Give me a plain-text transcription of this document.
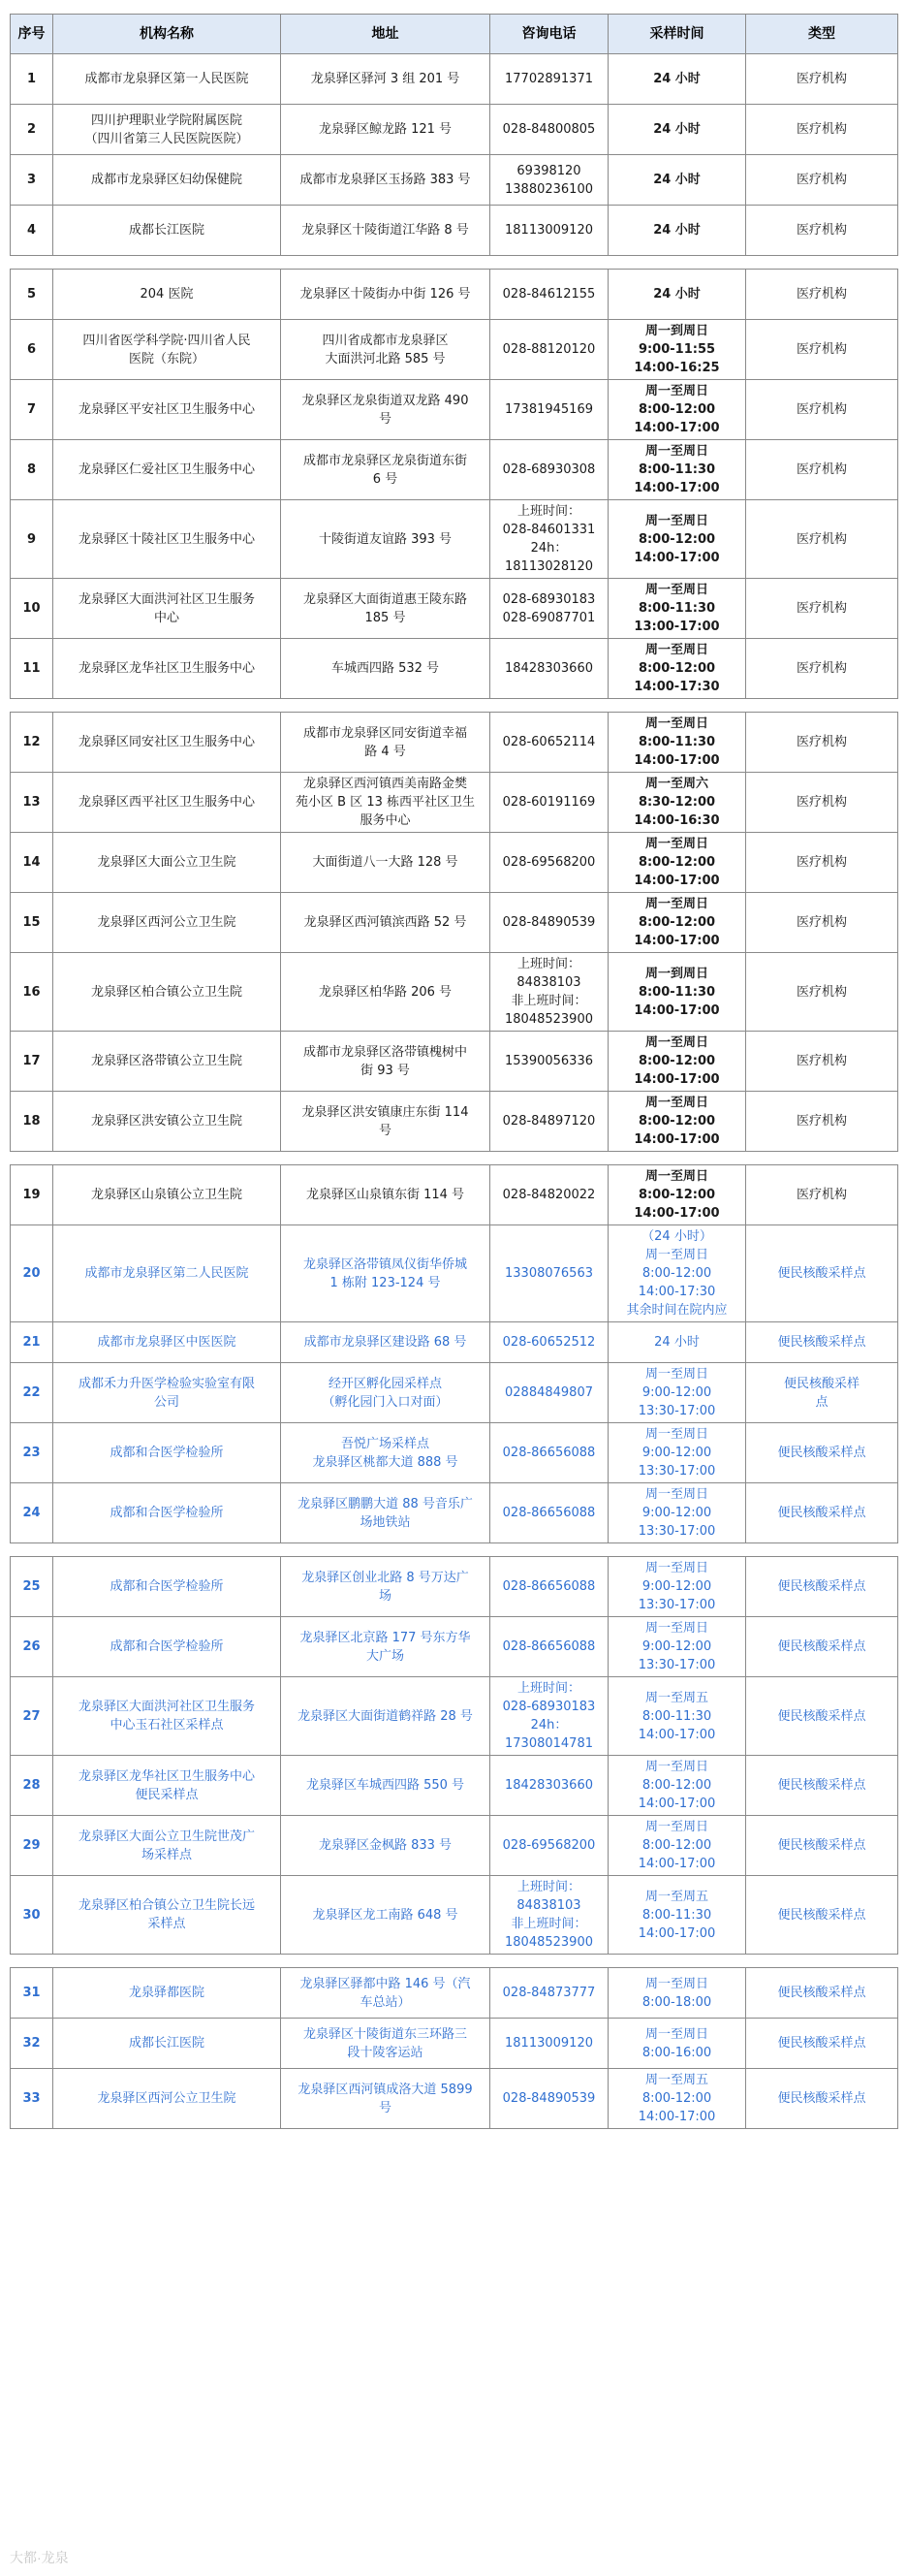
序号	机构名称	地址	咨询电话	采样时间	类型
1	成都市龙泉驿区第一人民医院	龙泉驿区驿河 3 组 201 号	17702891371	24 小时	医疗机构
2	四川护理职业学院附属医院
（四川省第三人民医院医院）	龙泉驿区鲸龙路 121 号	028-84800805	24 小时	医疗机构
3	成都市龙泉驿区妇幼保健院	成都市龙泉驿区玉扬路 383 号	69398120
13880236100	24 小时	医疗机构
4	成都长江医院	龙泉驿区十陵街道江华路 8 号	18113009120	24 小时	医疗机构

5	204 医院	龙泉驿区十陵街办中街 126 号	028-84612155	24 小时	医疗机构
6	四川省医学科学院·四川省人民
医院（东院）	四川省成都市龙泉驿区
大面洪河北路 585 号	028-88120120	周一到周日
9:00-11:55
14:00-16:25	医疗机构
7	龙泉驿区平安社区卫生服务中心	龙泉驿区龙泉街道双龙路 490
号	17381945169	周一至周日
8:00-12:00
14:00-17:00	医疗机构
8	龙泉驿区仁爱社区卫生服务中心	成都市龙泉驿区龙泉街道东街
6 号	028-68930308	周一至周日
8:00-11:30
14:00-17:00	医疗机构
9	龙泉驿区十陵社区卫生服务中心	十陵街道友谊路 393 号	上班时间：
028-84601331
24h：
18113028120	周一至周日
8:00-12:00
14:00-17:00	医疗机构
10	龙泉驿区大面洪河社区卫生服务
中心	龙泉驿区大面街道惠王陵东路
185 号	028-68930183
028-69087701	周一至周日
8:00-11:30
13:00-17:00	医疗机构
11	龙泉驿区龙华社区卫生服务中心	车城西四路 532 号	18428303660	周一至周日
8:00-12:00
14:00-17:30	医疗机构

12	龙泉驿区同安社区卫生服务中心	成都市龙泉驿区同安街道幸福
路 4 号	028-60652114	周一至周日
8:00-11:30
14:00-17:00	医疗机构
13	龙泉驿区西平社区卫生服务中心	龙泉驿区西河镇西美南路金樊
苑小区 B 区 13 栋西平社区卫生
服务中心	028-60191169	周一至周六
8:30-12:00
14:00-16:30	医疗机构
14	龙泉驿区大面公立卫生院	大面街道八一大路 128 号	028-69568200	周一至周日
8:00-12:00
14:00-17:00	医疗机构
15	龙泉驿区西河公立卫生院	龙泉驿区西河镇滨西路 52 号	028-84890539	周一至周日
8:00-12:00
14:00-17:00	医疗机构
16	龙泉驿区柏合镇公立卫生院	龙泉驿区柏华路 206 号	上班时间：
84838103
非上班时间：
18048523900	周一到周日
8:00-11:30
14:00-17:00	医疗机构
17	龙泉驿区洛带镇公立卫生院	成都市龙泉驿区洛带镇槐树中
街 93 号	15390056336	周一至周日
8:00-12:00
14:00-17:00	医疗机构
18	龙泉驿区洪安镇公立卫生院	龙泉驿区洪安镇康庄东街 114
号	028-84897120	周一至周日
8:00-12:00
14:00-17:00	医疗机构

19	龙泉驿区山泉镇公立卫生院	龙泉驿区山泉镇东街 114 号	028-84820022	周一至周日
8:00-12:00
14:00-17:00	医疗机构
20	成都市龙泉驿区第二人民医院	龙泉驿区洛带镇凤仪街华侨城
1 栋附 123-124 号	13308076563	（24 小时）
周一至周日
8:00-12:00
14:00-17:30
其余时间在院内应	便民核酸采样点
21	成都市龙泉驿区中医医院	成都市龙泉驿区建设路 68 号	028-60652512	24 小时	便民核酸采样点
22	成都禾力升医学检验实验室有限
公司	经开区孵化园采样点
（孵化园门入口对面）	02884849807	周一至周日
9:00-12:00
13:30-17:00	便民核酸采样
点
23	成都和合医学检验所	吾悦广场采样点
龙泉驿区桃都大道 888 号	028-86656088	周一至周日
9:00-12:00
13:30-17:00	便民核酸采样点
24	成都和合医学检验所	龙泉驿区鹏鹏大道 88 号音乐广
场地铁站	028-86656088	周一至周日
9:00-12:00
13:30-17:00	便民核酸采样点

25	成都和合医学检验所	龙泉驿区创业北路 8 号万达广
场	028-86656088	周一至周日
9:00-12:00
13:30-17:00	便民核酸采样点
26	成都和合医学检验所	龙泉驿区北京路 177 号东方华
大广场	028-86656088	周一至周日
9:00-12:00
13:30-17:00	便民核酸采样点
27	龙泉驿区大面洪河社区卫生服务
中心玉石社区采样点	龙泉驿区大面街道鹤祥路 28 号	上班时间：
028-68930183
24h：
17308014781	周一至周五
8:00-11:30
14:00-17:00	便民核酸采样点
28	龙泉驿区龙华社区卫生服务中心
便民采样点	龙泉驿区车城西四路 550 号	18428303660	周一至周日
8:00-12:00
14:00-17:00	便民核酸采样点
29	龙泉驿区大面公立卫生院世茂广
场采样点	龙泉驿区金枫路 833 号	028-69568200	周一至周日
8:00-12:00
14:00-17:00	便民核酸采样点
30	龙泉驿区柏合镇公立卫生院长远
采样点	龙泉驿区龙工南路 648 号	上班时间：
84838103
非上班时间：
18048523900	周一至周五
8:00-11:30
14:00-17:00	便民核酸采样点

31	龙泉驿都医院	龙泉驿区驿都中路 146 号（汽
车总站）	028-84873777	周一至周日
8:00-18:00	便民核酸采样点
32	成都长江医院	龙泉驿区十陵街道东三环路三
段十陵客运站	18113009120	周一至周日
8:00-16:00	便民核酸采样点
33	龙泉驿区西河公立卫生院	龙泉驿区西河镇成洛大道 5899
号	028-84890539	周一至周五
8:00-12:00
14:00-17:00	便民核酸采样点
大都·龙泉
